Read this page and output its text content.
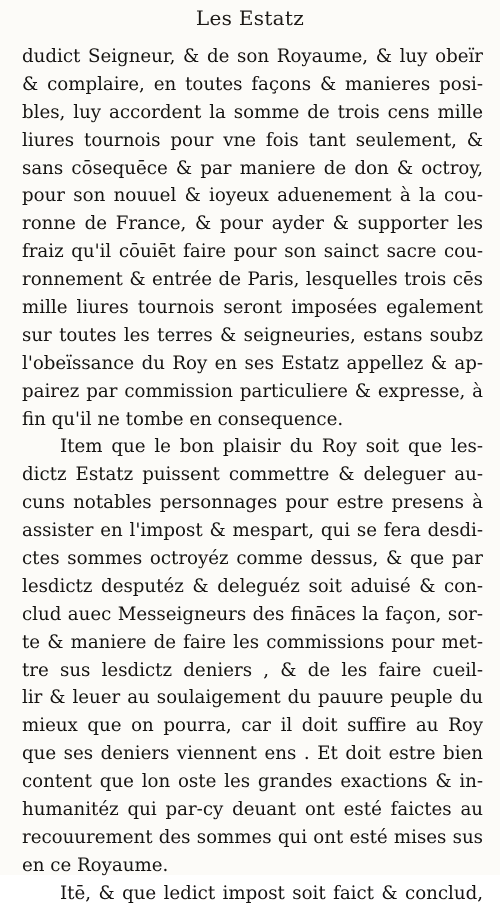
Les Estatz
dudict Seigneur, & de son Royaume, & luy obeïr
& complaire, en toutes façons & manieres posi-
bles, luy accordent la somme de trois cens mille
liures tournois pour vne fois tant seulement, &
sans cōsequēce & par maniere de don & octroy,
pour son nouuel & ioyeux aduenement à la cou-
ronne de France, & pour ayder & supporter les
fraiz qu'il cōuiēt faire pour son sainct sacre cou-
ronnement & entrée de Paris, lesquelles trois cēs
mille liures tournois seront imposées egalement
sur toutes les terres & seigneuries, estans soubz
l'obeïssance du Roy en ses Estatz appellez & ap-
pairez par commission particuliere & expresse, à
fin qu'il ne tombe en consequence.
Item que le bon plaisir du Roy soit que les-
dictz Estatz puissent commettre & deleguer au-
cuns notables personnages pour estre presens à
assister en l'impost & mespart, qui se fera desdi-
ctes sommes octroyéz comme dessus, & que par
lesdictz desputéz & deleguéz soit aduisé & con-
clud auec Messeigneurs des fināces la façon, sor-
te & maniere de faire les commissions pour met-
tre sus lesdictz deniers , & de les faire cueil-
lir & leuer au soulaigement du pauure peuple du
mieux que on pourra, car il doit suffire au Roy
que ses deniers viennent ens . Et doit estre bien
content que lon oste les grandes exactions & in-
humanitéz qui par-cy deuant ont esté faictes au
recouurement des sommes qui ont esté mises sus
en ce Royaume.
Itē, & que ledict impost soit faict & conclud,
